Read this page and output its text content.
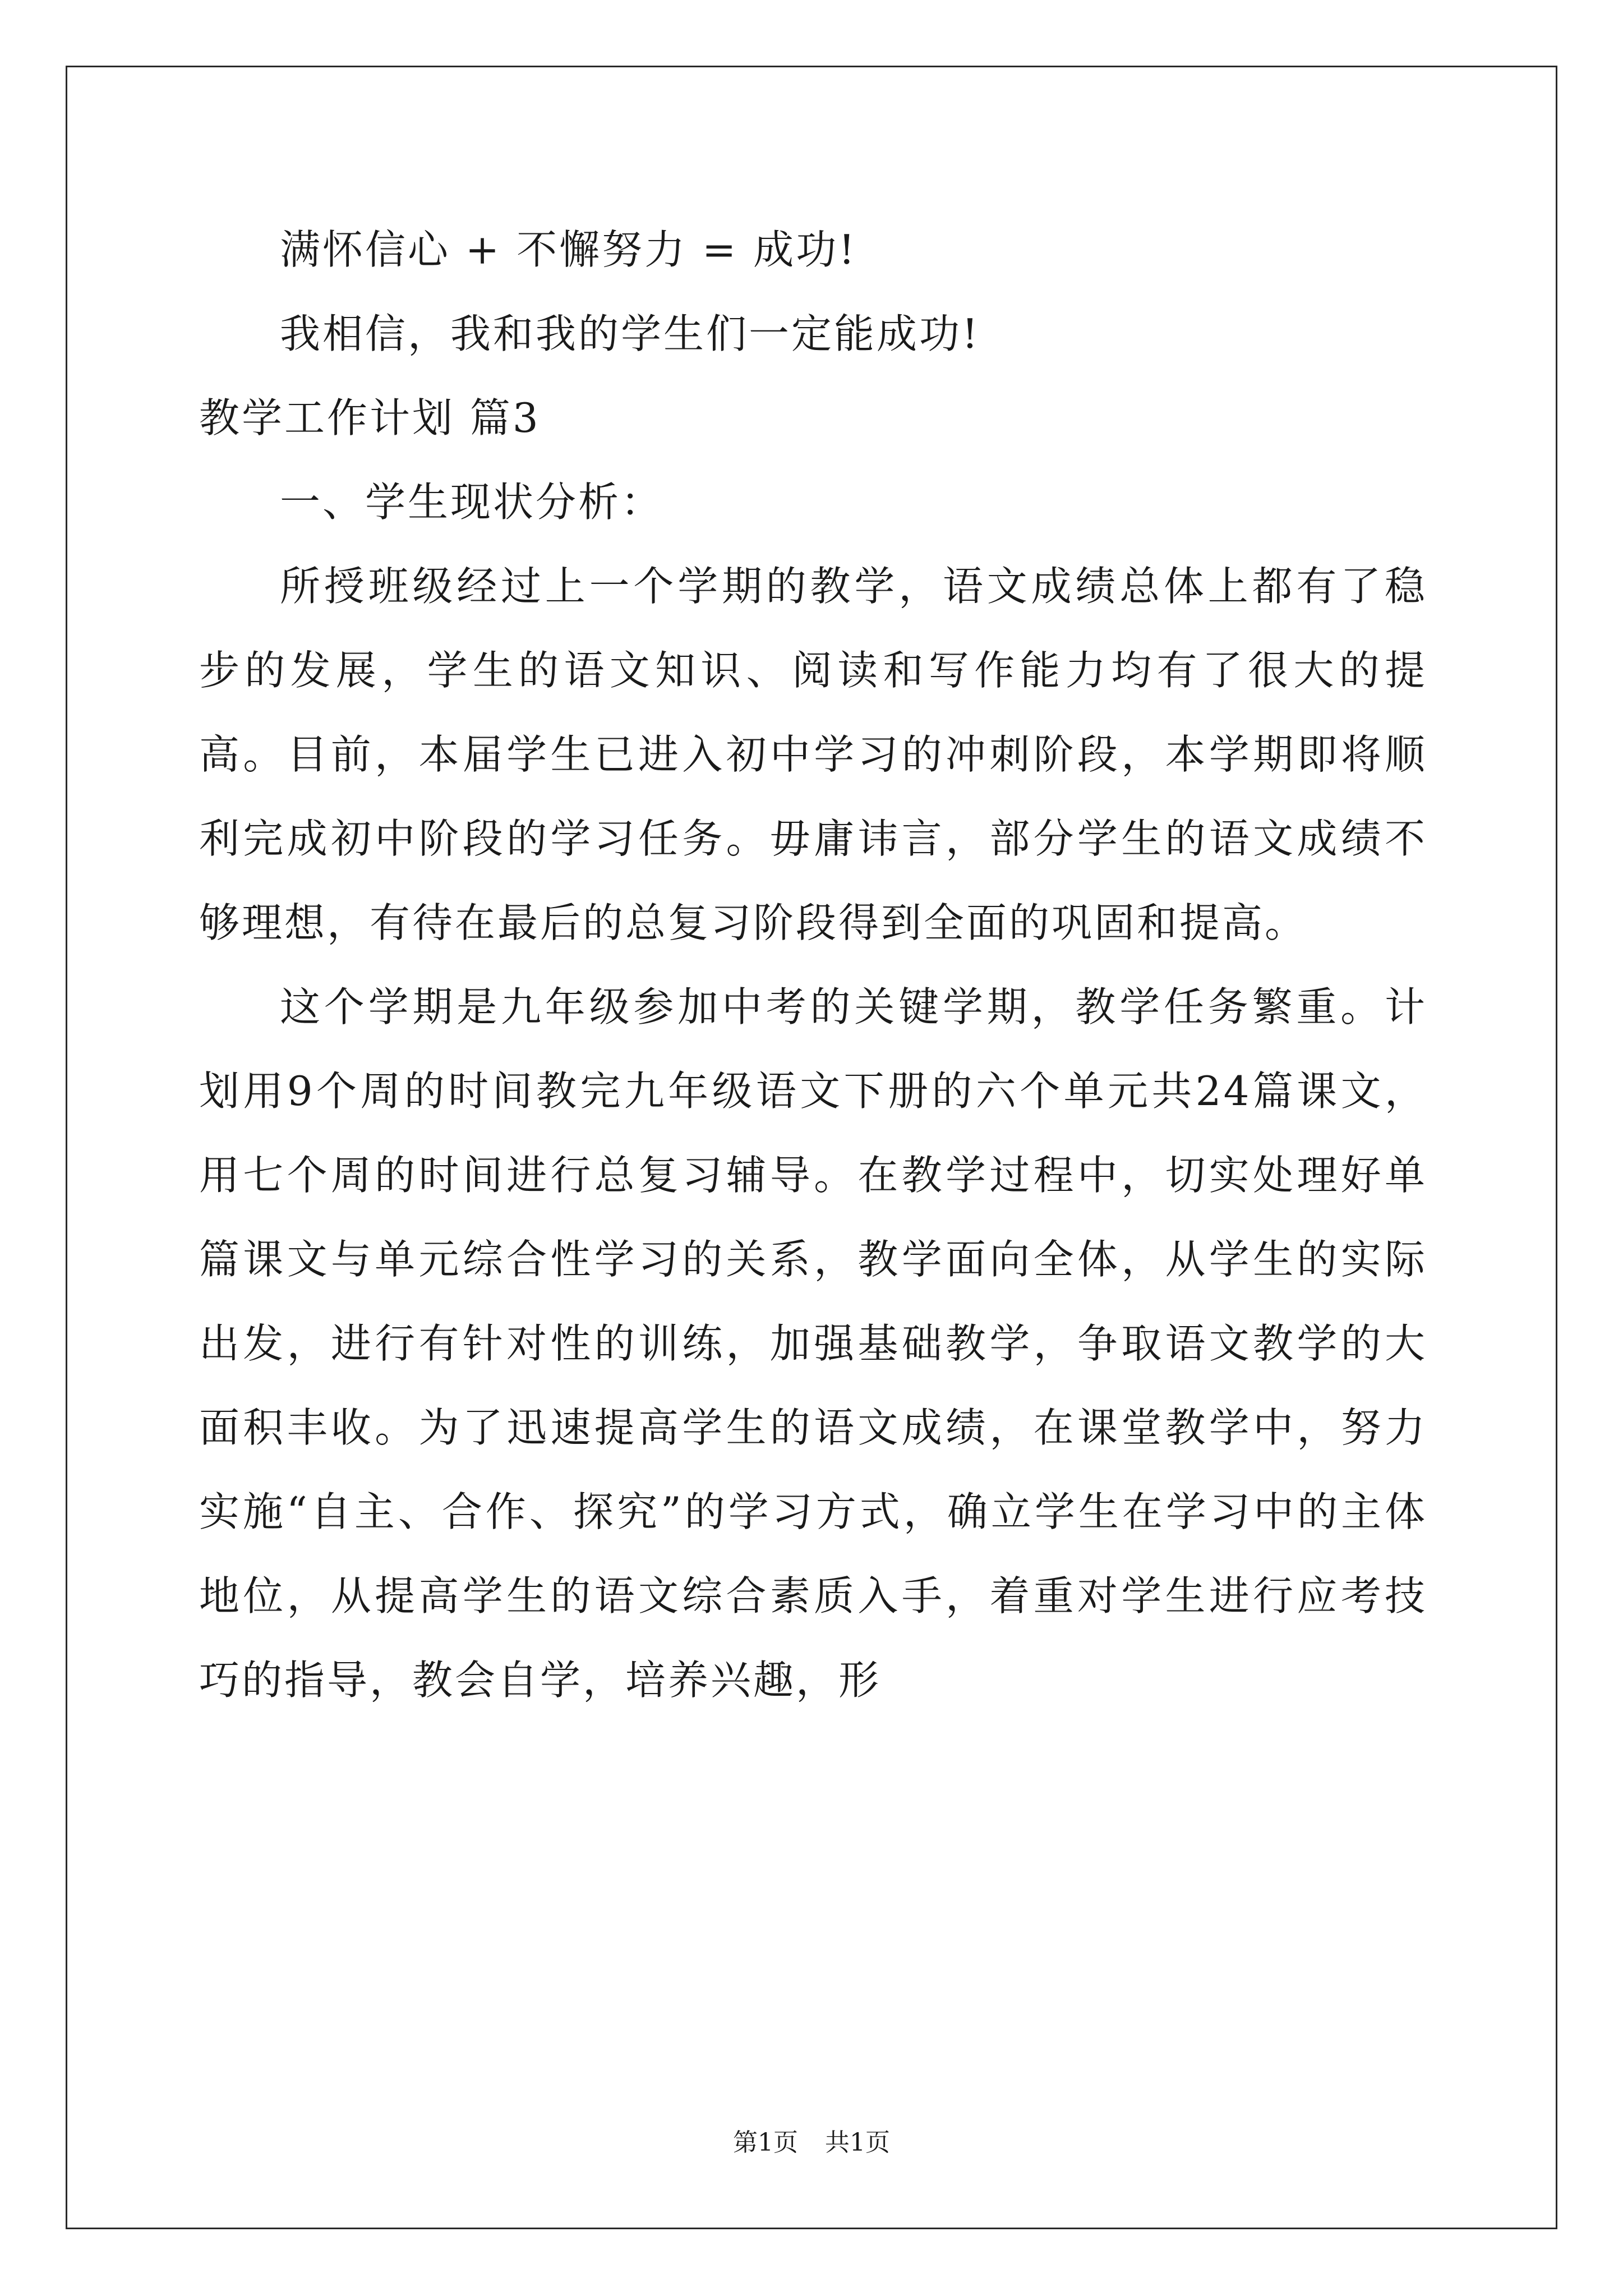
满怀信心 + 不懈努力 = 成功!

我相信，我和我的学生们一定能成功!

教学工作计划 篇3

一、学生现状分析：

所授班级经过上一个学期的教学，语文成绩总体上都有了稳步的发展，学生的语文知识、阅读和写作能力均有了很大的提高。目前，本届学生已进入初中学习的冲刺阶段，本学期即将顺利完成初中阶段的学习任务。毋庸讳言，部分学生的语文成绩不够理想，有待在最后的总复习阶段得到全面的巩固和提高。

这个学期是九年级参加中考的关键学期，教学任务繁重。计划用9个周的时间教完九年级语文下册的六个单元共24篇课文，用七个周的时间进行总复习辅导。在教学过程中，切实处理好单篇课文与单元综合性学习的关系，教学面向全体，从学生的实际出发，进行有针对性的训练，加强基础教学，争取语文教学的大面积丰收。为了迅速提高学生的语文成绩，在课堂教学中，努力实施“自主、合作、探究”的学习方式，确立学生在学习中的主体地位，从提高学生的语文综合素质入手，着重对学生进行应考技巧的指导，教会自学，培养兴趣，形

第1页 共1页
